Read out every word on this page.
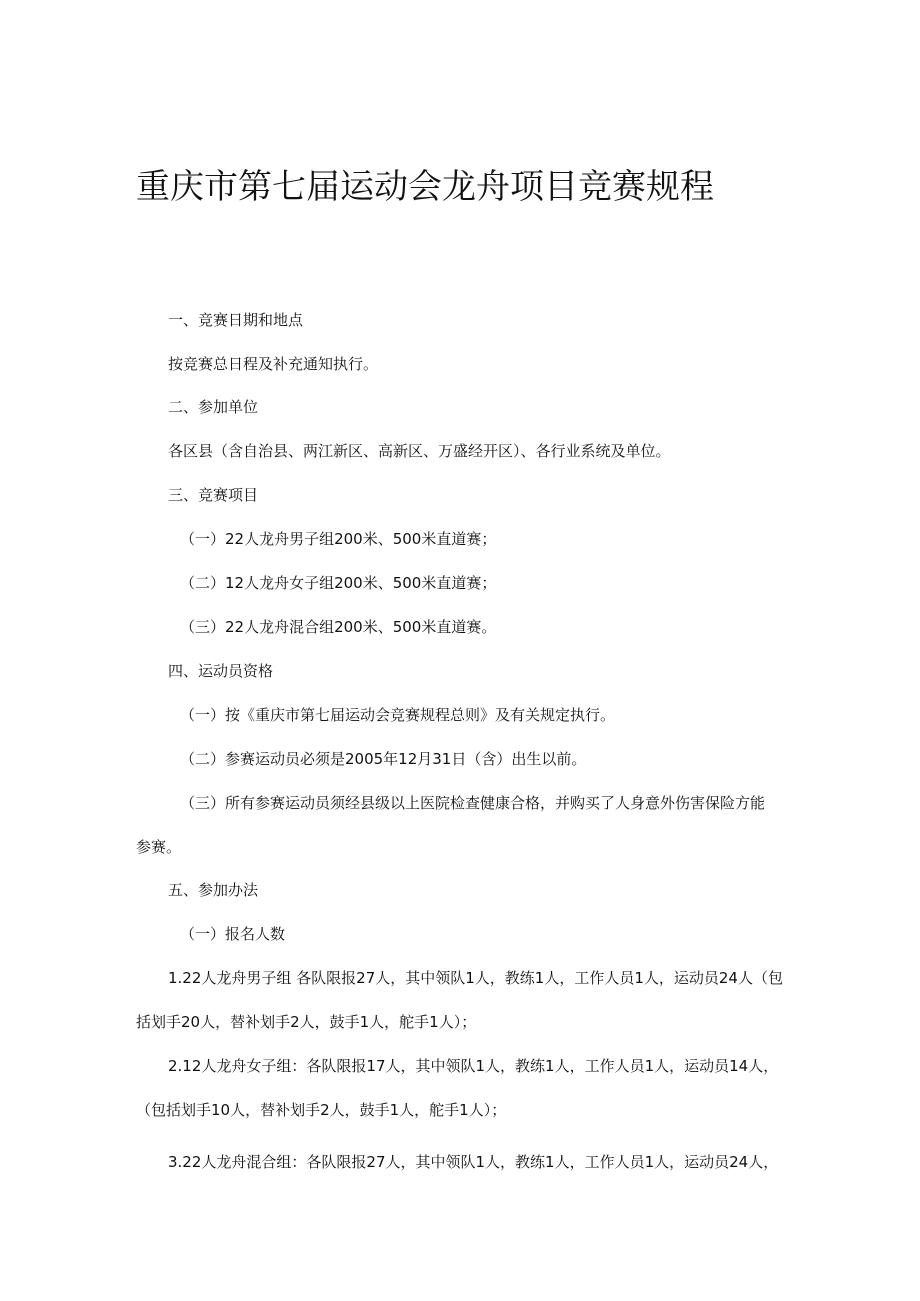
重庆市第七届运动会龙舟项目竞赛规程

一、竞赛日期和地点

按竞赛总日程及补充通知执行。

二、参加单位

各区县（含自治县、两江新区、高新区、万盛经开区）、各行业系统及单位。

三、竞赛项目

（一）22人龙舟男子组200米、500米直道赛；

（二）12人龙舟女子组200米、500米直道赛；

（三）22人龙舟混合组200米、500米直道赛。

四、运动员资格

（一）按《重庆市第七届运动会竞赛规程总则》及有关规定执行。

（二）参赛运动员必须是2005年12月31日（含）出生以前。

（三）所有参赛运动员须经县级以上医院检查健康合格，并购买了人身意外伤害保险方能

参赛。

五、参加办法

（一）报名人数

1.22人龙舟男子组 各队限报27人，其中领队1人，教练1人，工作人员1人，运动员24人（包

括划手20人，替补划手2人，鼓手1人，舵手1人）；

2.12人龙舟女子组：各队限报17人，其中领队1人，教练1人，工作人员1人，运动员14人，

（包括划手10人，替补划手2人，鼓手1人，舵手1人）；

3.22人龙舟混合组：各队限报27人，其中领队1人，教练1人，工作人员1人，运动员24人，
